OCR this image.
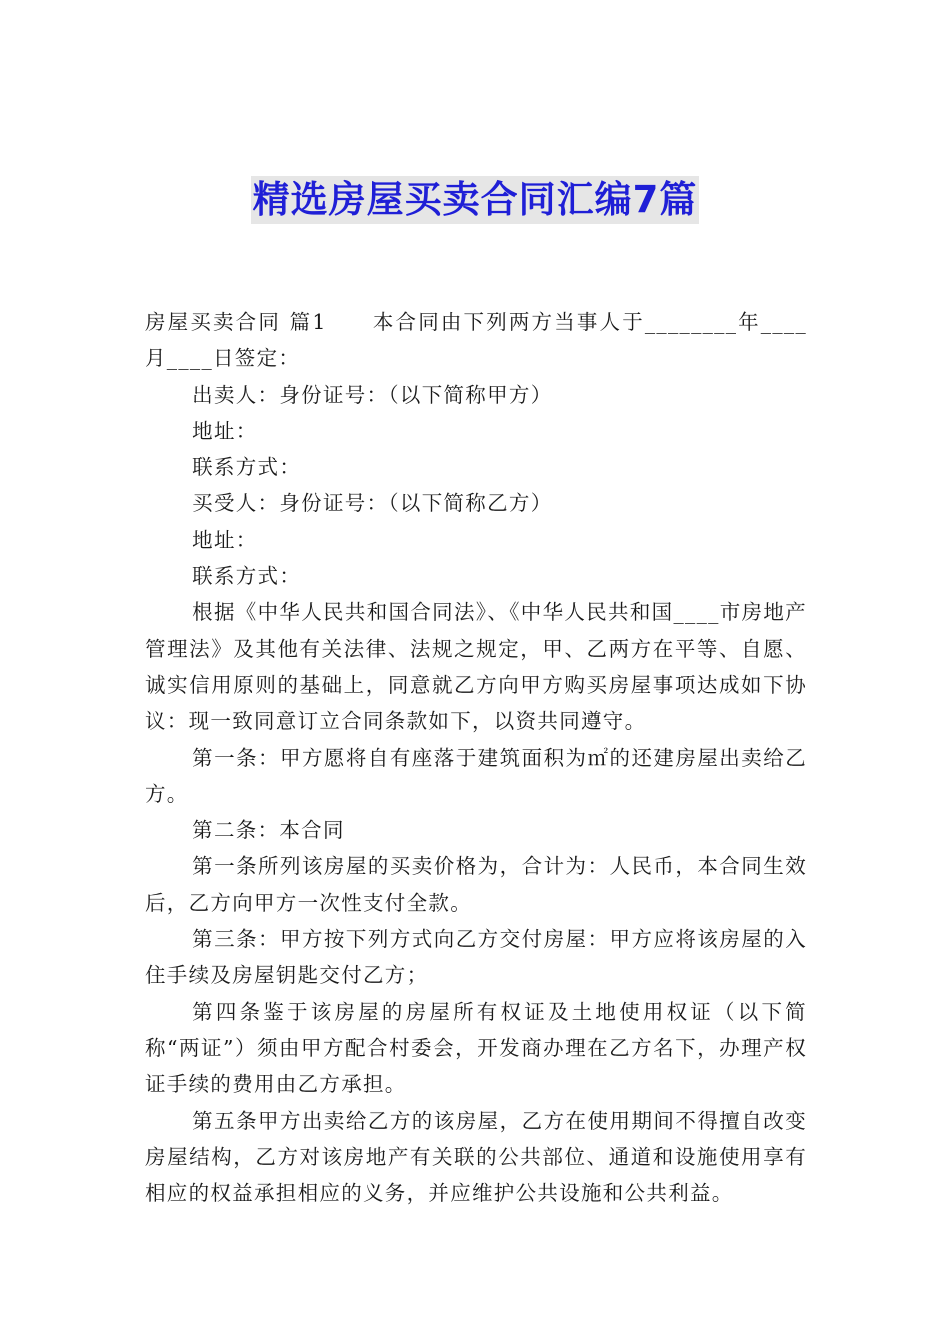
精选房屋买卖合同汇编7篇

房屋买卖合同 篇1　　本合同由下列两方当事人于________年____月____日签定：

出卖人：身份证号：（以下简称甲方）

地址：

联系方式：

买受人：身份证号：（以下简称乙方）

地址：

联系方式：

根据《中华人民共和国合同法》、《中华人民共和国____市房地产管理法》及其他有关法律、法规之规定，甲、乙两方在平等、自愿、诚实信用原则的基础上，同意就乙方向甲方购买房屋事项达成如下协议：现一致同意订立合同条款如下，以资共同遵守。

第一条：甲方愿将自有座落于建筑面积为㎡的还建房屋出卖给乙方。

第二条：本合同

第一条所列该房屋的买卖价格为，合计为：人民币，本合同生效后，乙方向甲方一次性支付全款。

第三条：甲方按下列方式向乙方交付房屋：甲方应将该房屋的入住手续及房屋钥匙交付乙方；

第四条鉴于该房屋的房屋所有权证及土地使用权证（以下简称“两证”）须由甲方配合村委会，开发商办理在乙方名下，办理产权证手续的费用由乙方承担。

第五条甲方出卖给乙方的该房屋，乙方在使用期间不得擅自改变房屋结构，乙方对该房地产有关联的公共部位、通道和设施使用享有相应的权益承担相应的义务，并应维护公共设施和公共利益。
